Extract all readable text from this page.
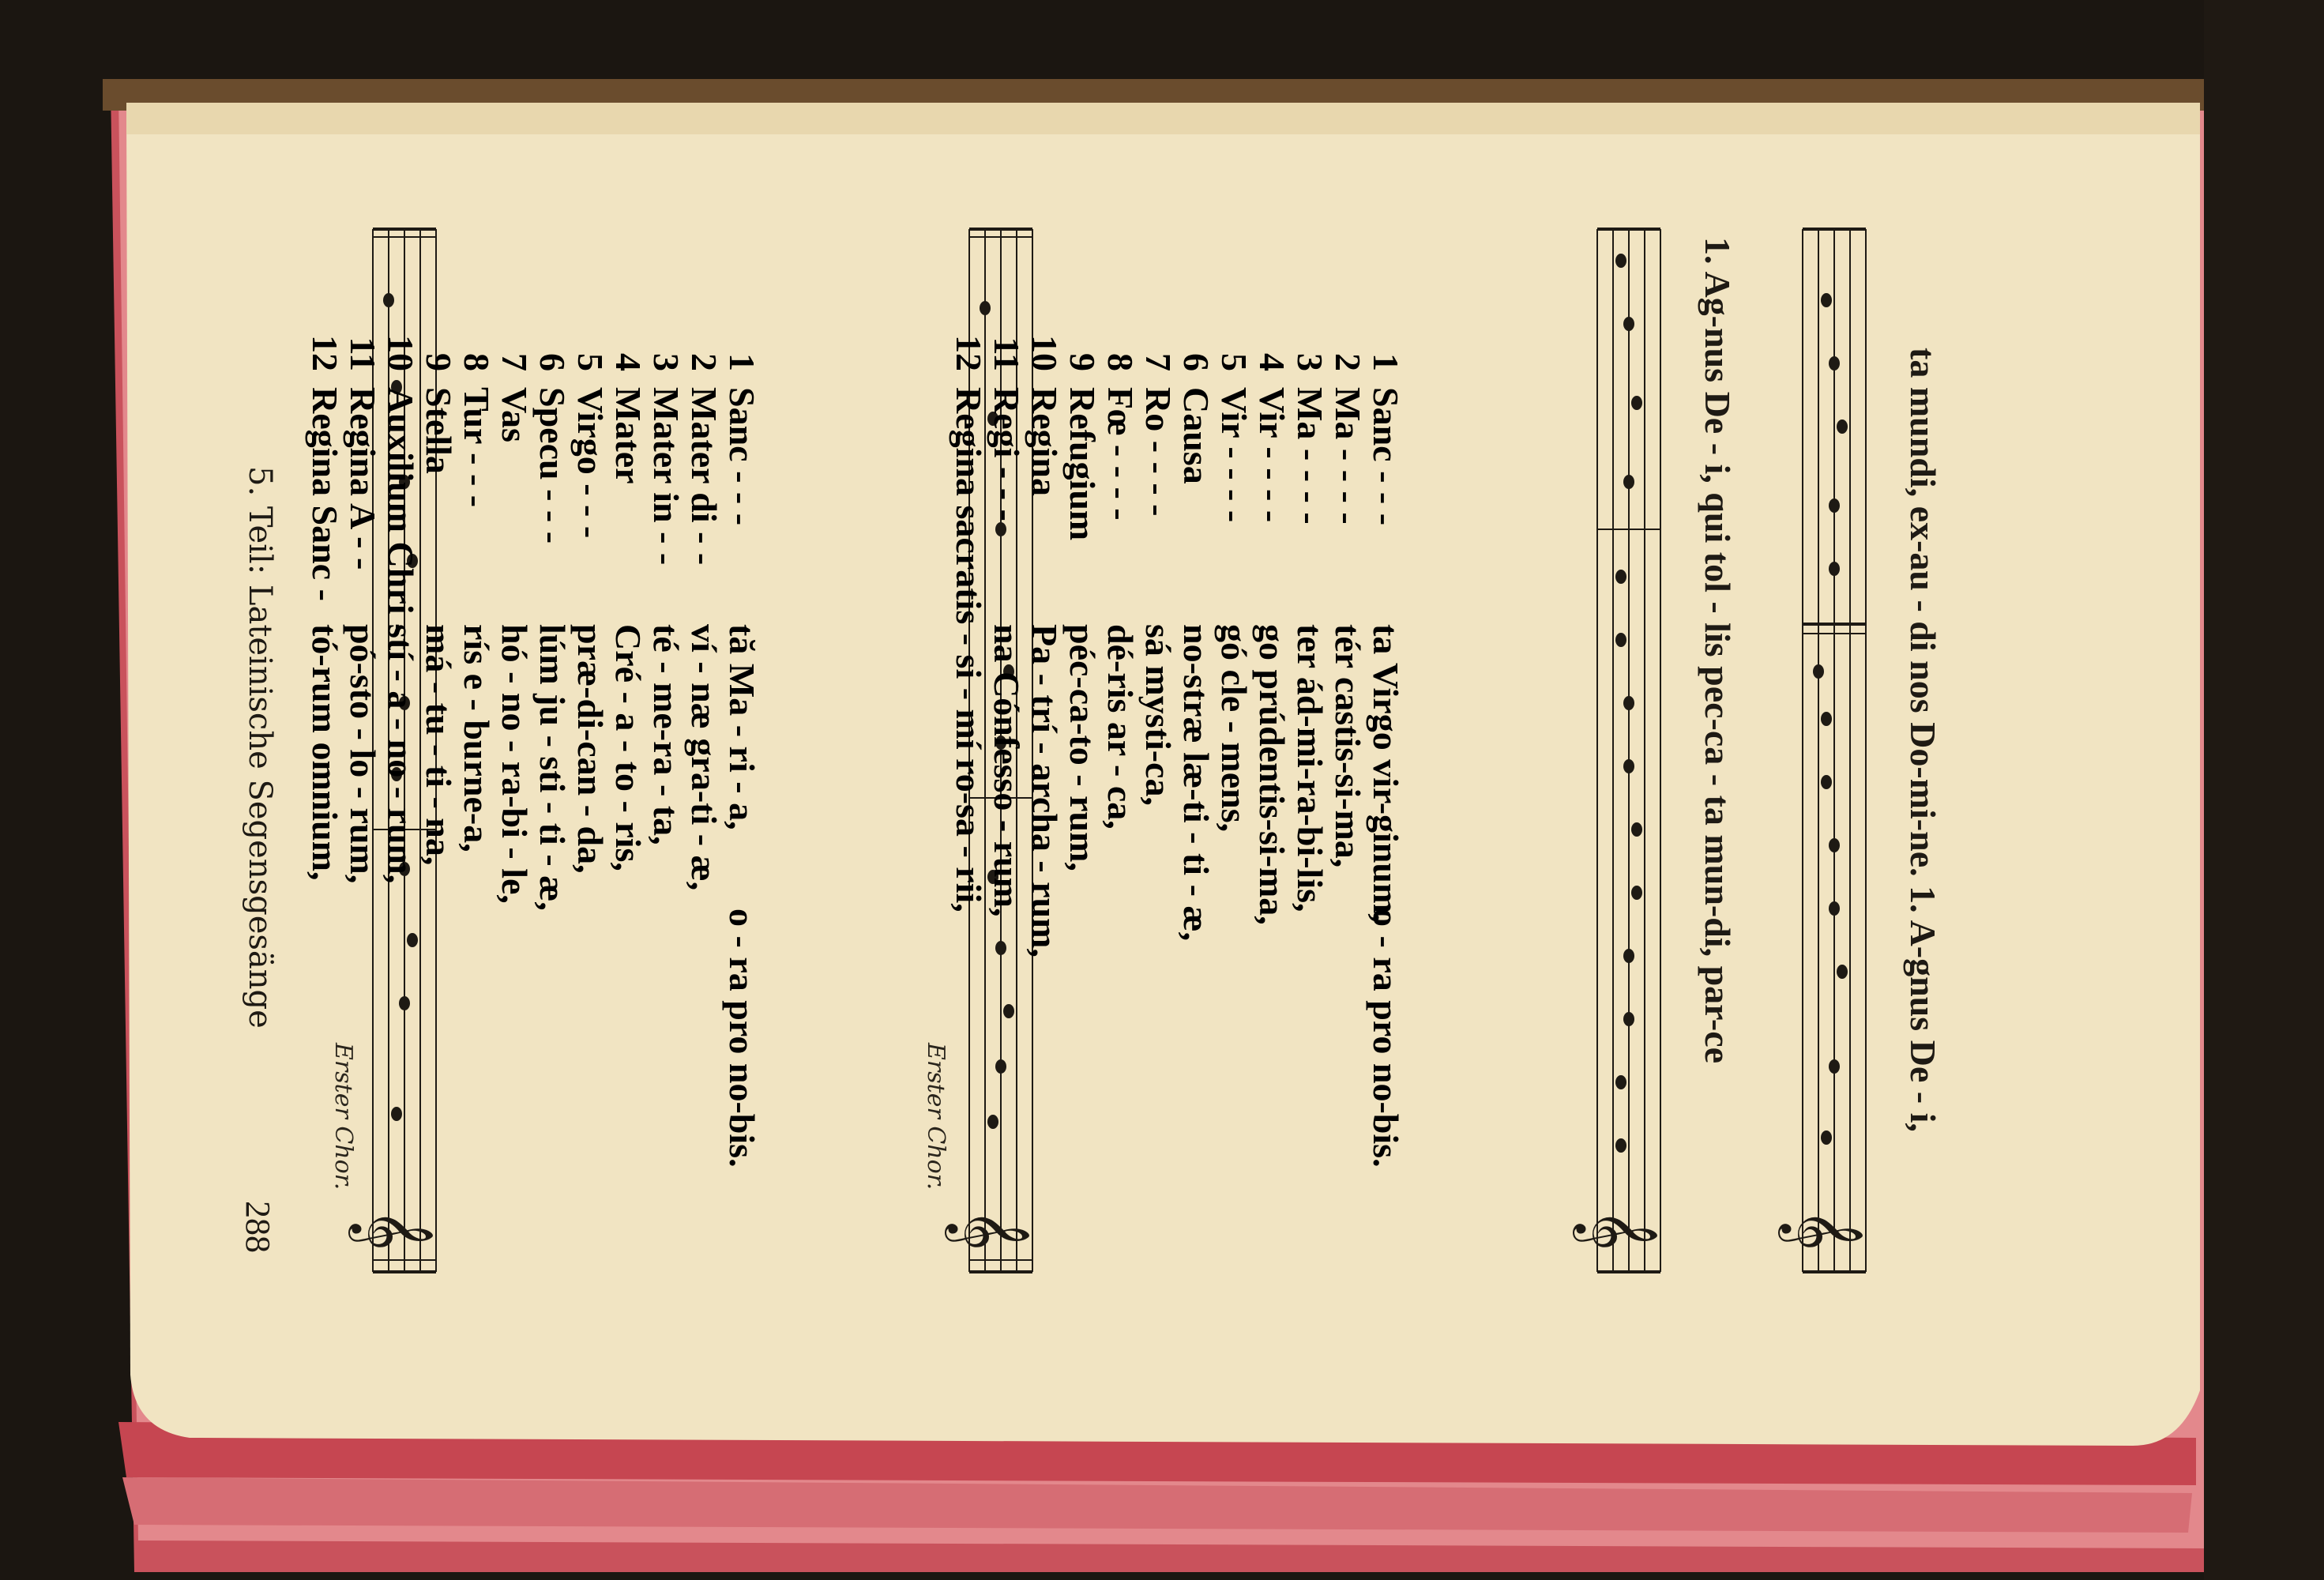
288
5. Teil: Lateinische Segensgesänge
Erster Chor.
𝄞
1
Sanc - - -
tă Ma - ri - a,
o - ra pro no-bis.
2
Mater di - -
ví - næ gra-ti - æ,
3
Mater in - -
té - me-ra - ta,
4
Mater
Cré - a - to - ris,
5
Virgo - - -
præ-di-can - da,
6
Specu - - -
lúm ju - sti - ti - æ,
7
Vas
hó - no - ra-bi - le,
8
Tur - - -
rís e - burne-a,
9
Stella
má - tu - ti - na,
10
Auxilium Chri -
stí - a - no - rum,
11
Regina A - -
pó-sto - lo - rum,
12
Regina Sanc -
tó-rum omnium,
Erster Chor.
𝄞
1
Sanc - - -
ta Virgo vir-ginum,
o - ra pro no-bis.
2
Ma - - - -
tér castis-si-ma,
3
Ma - - - -
ter ád-mi-ra-bi-lis,
4
Vir - - - -
go prúdentis-si-ma,
5
Vir - - - -
gó cle - mens,
6
Causa
no-stræ læ-ti - ti - æ,
7
Ro - - - -
sá mysti-ca,
8
Fœ - - - -
dé-ris ar - ca,
9
Refugium
péc-ca-to - rum,
10
Regina
Pa - trí - archa - rum,
11
Regi - - -
na Cónfesso - rum,
12
Regina sacratis - si - mí ro-sa - rii,
𝄞
1. Ag-nus De - i, qui tol - lis pec-ca - ta mun-di, par-ce
𝄞
ta mundi, ex-au - di nos Do-mi-ne. 1. A-gnus De - i,
